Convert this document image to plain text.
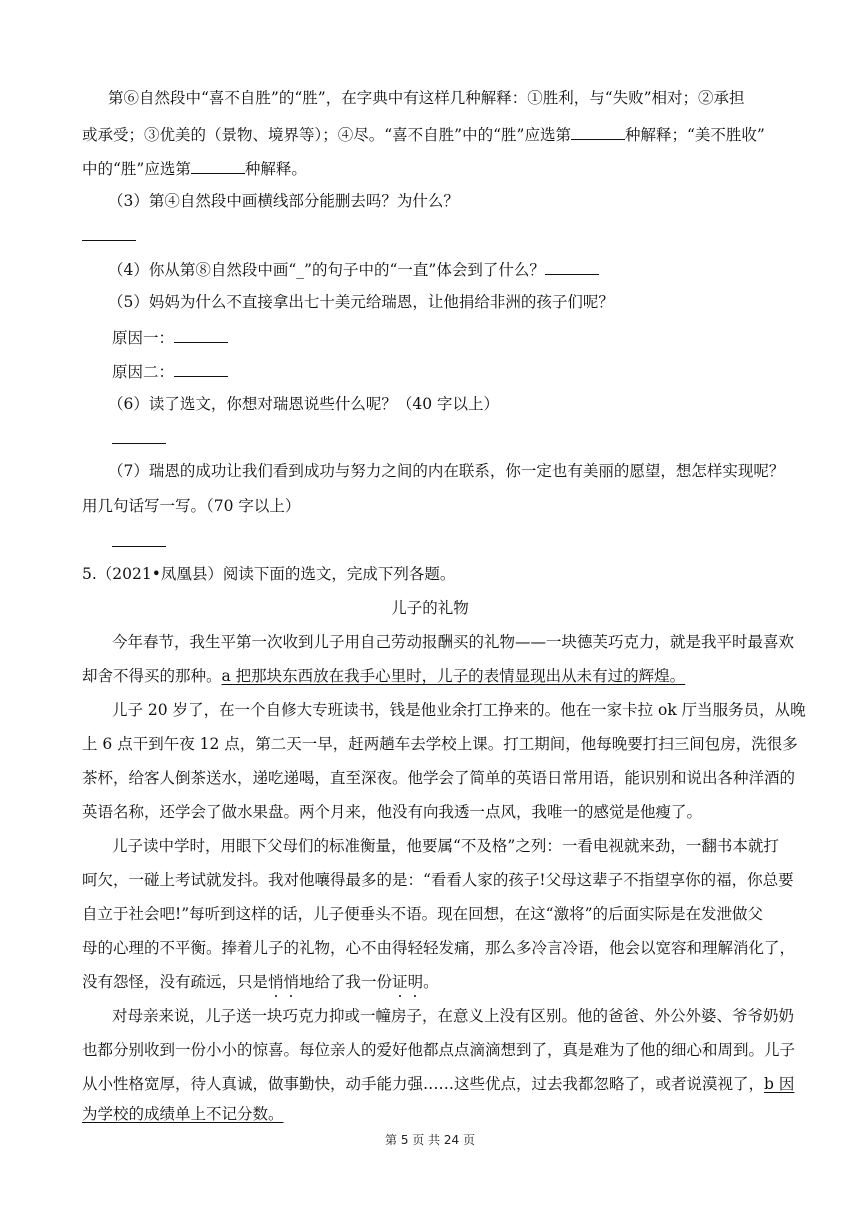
第⑥自然段中“喜不自胜”的“胜”，在字典中有这样几种解释：①胜利，与“失败”相对；②承担
或承受；③优美的（景物、境界等）；④尽。“喜不自胜”中的“胜”应选第	种解释；“美不胜收”
中的“胜”应选第	种解释。
（3）第④自然段中画横线部分能删去吗？为什么？
（4）你从第⑧自然段中画“_”的句子中的“一直”体会到了什么？
（5）妈妈为什么不直接拿出七十美元给瑞恩，让他捐给非洲的孩子们呢？
原因一：
原因二：
（6）读了选文，你想对瑞恩说些什么呢？（40 字以上）
（7）瑞恩的成功让我们看到成功与努力之间的内在联系，你一定也有美丽的愿望，想怎样实现呢？
用几句话写一写。（70 字以上）
5.（2021•凤凰县）阅读下面的选文，完成下列各题。
儿子的礼物
今年春节，我生平第一次收到儿子用自己劳动报酬买的礼物——一块德芙巧克力，就是我平时最喜欢
却舍不得买的那种。a 把那块东西放在我手心里时，儿子的表情显现出从未有过的辉煌。
儿子 20 岁了，在一个自修大专班读书，钱是他业余打工挣来的。他在一家卡拉 ok 厅当服务员，从晚
上 6 点干到午夜 12 点，第二天一早，赶两趟车去学校上课。打工期间，他每晚要打扫三间包房，洗很多
茶杯，给客人倒茶送水，递吃递喝，直至深夜。他学会了简单的英语日常用语，能识别和说出各种洋酒的
英语名称，还学会了做水果盘。两个月来，他没有向我透一点风，我唯一的感觉是他瘦了。
儿子读中学时，用眼下父母们的标准衡量，他要属“不及格”之列：一看电视就来劲，一翻书本就打
呵欠，一碰上考试就发抖。我对他嚷得最多的是：“看看人家的孩子!父母这辈子不指望享你的福，你总要
自立于社会吧!”每听到这样的话，儿子便垂头不语。现在回想，在这“激将”的后面实际是在发泄做父
母的心理的不平衡。捧着儿子的礼物，心不由得轻轻发痛，那么多冷言冷语，他会以宽容和理解消化了，
没有怨怪，没有疏远，只是悄悄地给了我一份证明。
对母亲来说，儿子送一块巧克力抑或一幢房子，在意义上没有区别。他的爸爸、外公外婆、爷爷奶奶
也都分别收到一份小小的惊喜。每位亲人的爱好他都点点滴滴想到了，真是难为了他的细心和周到。儿子
从小性格宽厚，待人真诚，做事勤快，动手能力强……这些优点，过去我都忽略了，或者说漠视了，b 因
为学校的成绩单上不记分数。
第 5 页 共 24 页
